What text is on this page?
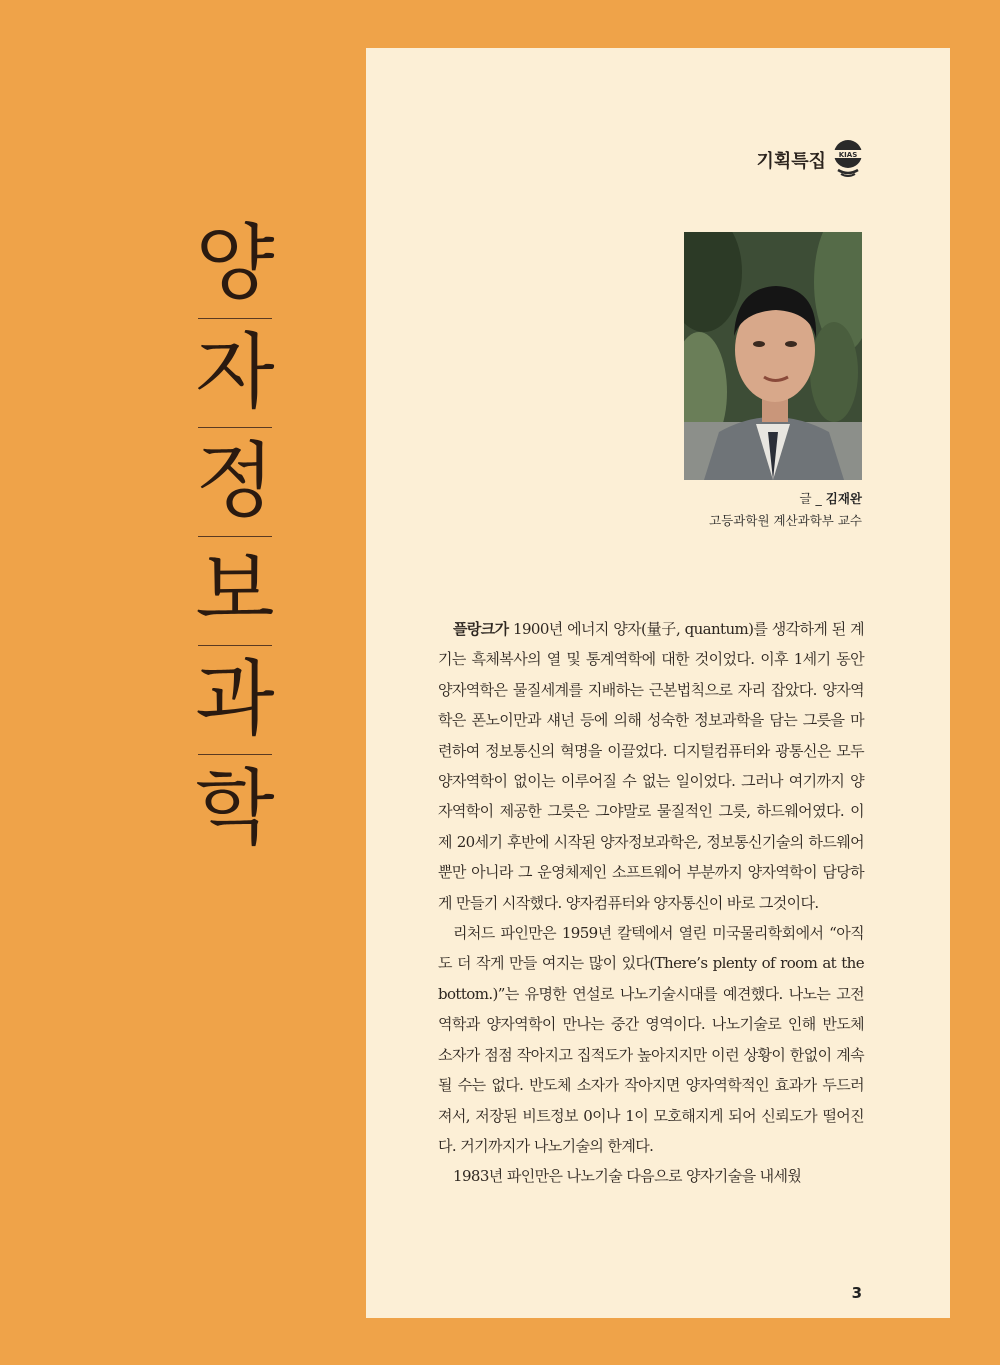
양
자
정
보
과
학
기획특집 KIAS
글 _ 김재완
고등과학원 계산과학부 교수

플랑크가 1900년 에너지 양자(量子, quantum)를 생각하게 된 계기는 흑체복사의 열 및 통계역학에 대한 것이었다. 이후 1세기 동안 양자역학은 물질세계를 지배하는 근본법칙으로 자리 잡았다. 양자역학은 폰노이만과 섀넌 등에 의해 성숙한 정보과학을 담는 그릇을 마련하여 정보통신의 혁명을 이끌었다. 디지털컴퓨터와 광통신은 모두 양자역학이 없이는 이루어질 수 없는 일이었다. 그러나 여기까지 양자역학이 제공한 그릇은 그야말로 물질적인 그릇, 하드웨어였다. 이제 20세기 후반에 시작된 양자정보과학은, 정보통신기술의 하드웨어뿐만 아니라 그 운영체제인 소프트웨어 부분까지 양자역학이 담당하게 만들기 시작했다. 양자컴퓨터와 양자통신이 바로 그것이다.

리처드 파인만은 1959년 칼텍에서 열린 미국물리학회에서 “아직도 더 작게 만들 여지는 많이 있다(There’s plenty of room at the bottom.)”는 유명한 연설로 나노기술시대를 예견했다. 나노는 고전역학과 양자역학이 만나는 중간 영역이다. 나노기술로 인해 반도체 소자가 점점 작아지고 집적도가 높아지지만 이런 상황이 한없이 계속될 수는 없다. 반도체 소자가 작아지면 양자역학적인 효과가 두드러져서, 저장된 비트정보 0이나 1이 모호해지게 되어 신뢰도가 떨어진다. 거기까지가 나노기술의 한계다.

1983년 파인만은 나노기술 다음으로 양자기술을 내세웠

3
